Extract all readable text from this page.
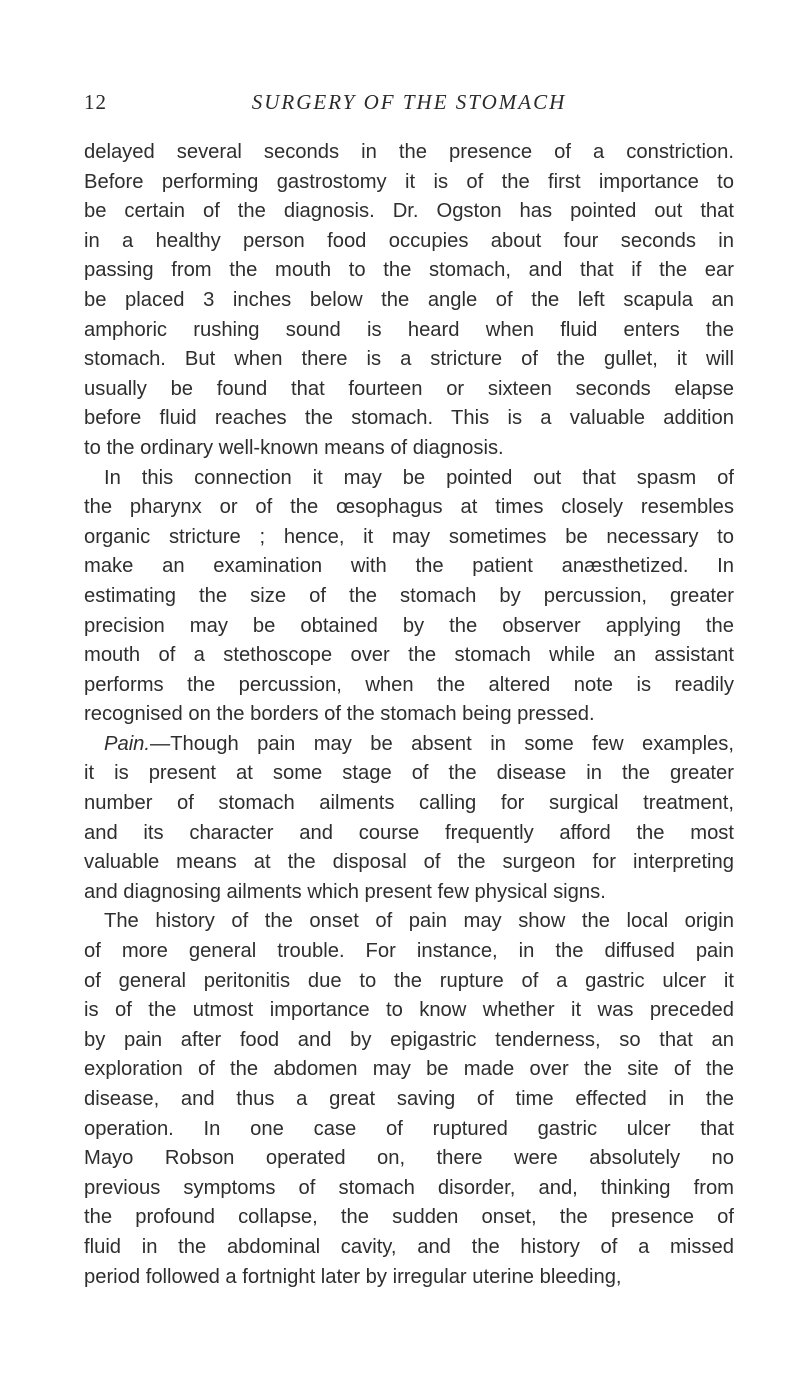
12	SURGERY OF THE STOMACH
delayed several seconds in the presence of a constriction.
Before performing gastrostomy it is of the first importance to
be certain of the diagnosis. Dr. Ogston has pointed out that
in a healthy person food occupies about four seconds in
passing from the mouth to the stomach, and that if the ear
be placed 3 inches below the angle of the left scapula an
amphoric rushing sound is heard when fluid enters the
stomach. But when there is a stricture of the gullet, it will
usually be found that fourteen or sixteen seconds elapse
before fluid reaches the stomach. This is a valuable addition
to the ordinary well-known means of diagnosis.
In this connection it may be pointed out that spasm of
the pharynx or of the œsophagus at times closely resembles
organic stricture ; hence, it may sometimes be necessary to
make an examination with the patient anæsthetized. In
estimating the size of the stomach by percussion, greater
precision may be obtained by the observer applying the
mouth of a stethoscope over the stomach while an assistant
performs the percussion, when the altered note is readily
recognised on the borders of the stomach being pressed.
Pain.—Though pain may be absent in some few examples,
it is present at some stage of the disease in the greater
number of stomach ailments calling for surgical treatment,
and its character and course frequently afford the most
valuable means at the disposal of the surgeon for interpreting
and diagnosing ailments which present few physical signs.
The history of the onset of pain may show the local origin
of more general trouble. For instance, in the diffused pain
of general peritonitis due to the rupture of a gastric ulcer it
is of the utmost importance to know whether it was preceded
by pain after food and by epigastric tenderness, so that an
exploration of the abdomen may be made over the site of the
disease, and thus a great saving of time effected in the
operation. In one case of ruptured gastric ulcer that
Mayo Robson operated on, there were absolutely no
previous symptoms of stomach disorder, and, thinking from
the profound collapse, the sudden onset, the presence of
fluid in the abdominal cavity, and the history of a missed
period followed a fortnight later by irregular uterine bleeding,
